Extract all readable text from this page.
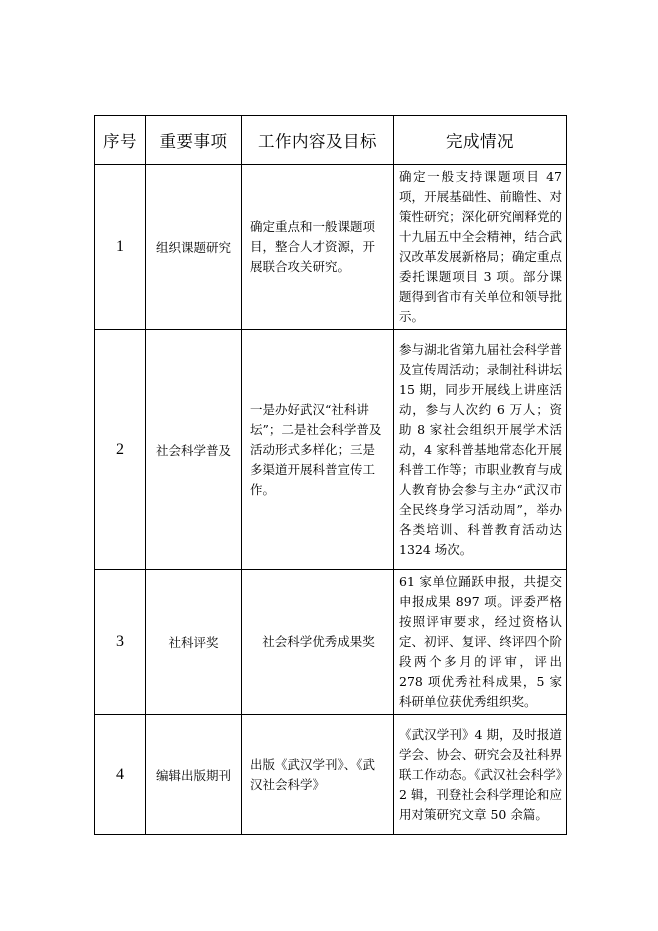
序号	重要事项	工作内容及目标	完成情况
1	组织课题研究	确定重点和一般课题项目，整合人才资源，开展联合攻关研究。	确定一般支持课题项目 47 项，开展基础性、前瞻性、对策性研究；深化研究阐释党的十九届五中全会精神，结合武汉改革发展新格局；确定重点委托课题项目 3 项。部分课题得到省市有关单位和领导批示。
2	社会科学普及	一是办好武汉“社科讲坛”；二是社会科学普及活动形式多样化；三是多渠道开展科普宣传工作。	参与湖北省第九届社会科学普及宣传周活动；录制社科讲坛 15 期，同步开展线上讲座活动，参与人次约 6 万人；资助 8 家社会组织开展学术活动，4 家科普基地常态化开展科普工作等；市职业教育与成人教育协会参与主办“武汉市全民终身学习活动周”，举办各类培训、科普教育活动达 1324 场次。
3	社科评奖	社会科学优秀成果奖	61 家单位踊跃申报，共提交申报成果 897 项。评委严格按照评审要求，经过资格认定、初评、复评、终评四个阶段两个多月的评审，评出 278 项优秀社科成果，5 家科研单位获优秀组织奖。
4	编辑出版期刊	出版《武汉学刊》、《武汉社会科学》	《武汉学刊》4 期，及时报道学会、协会、研究会及社科界联工作动态。《武汉社会科学》2 辑，刊登社会科学理论和应用对策研究文章 50 余篇。
